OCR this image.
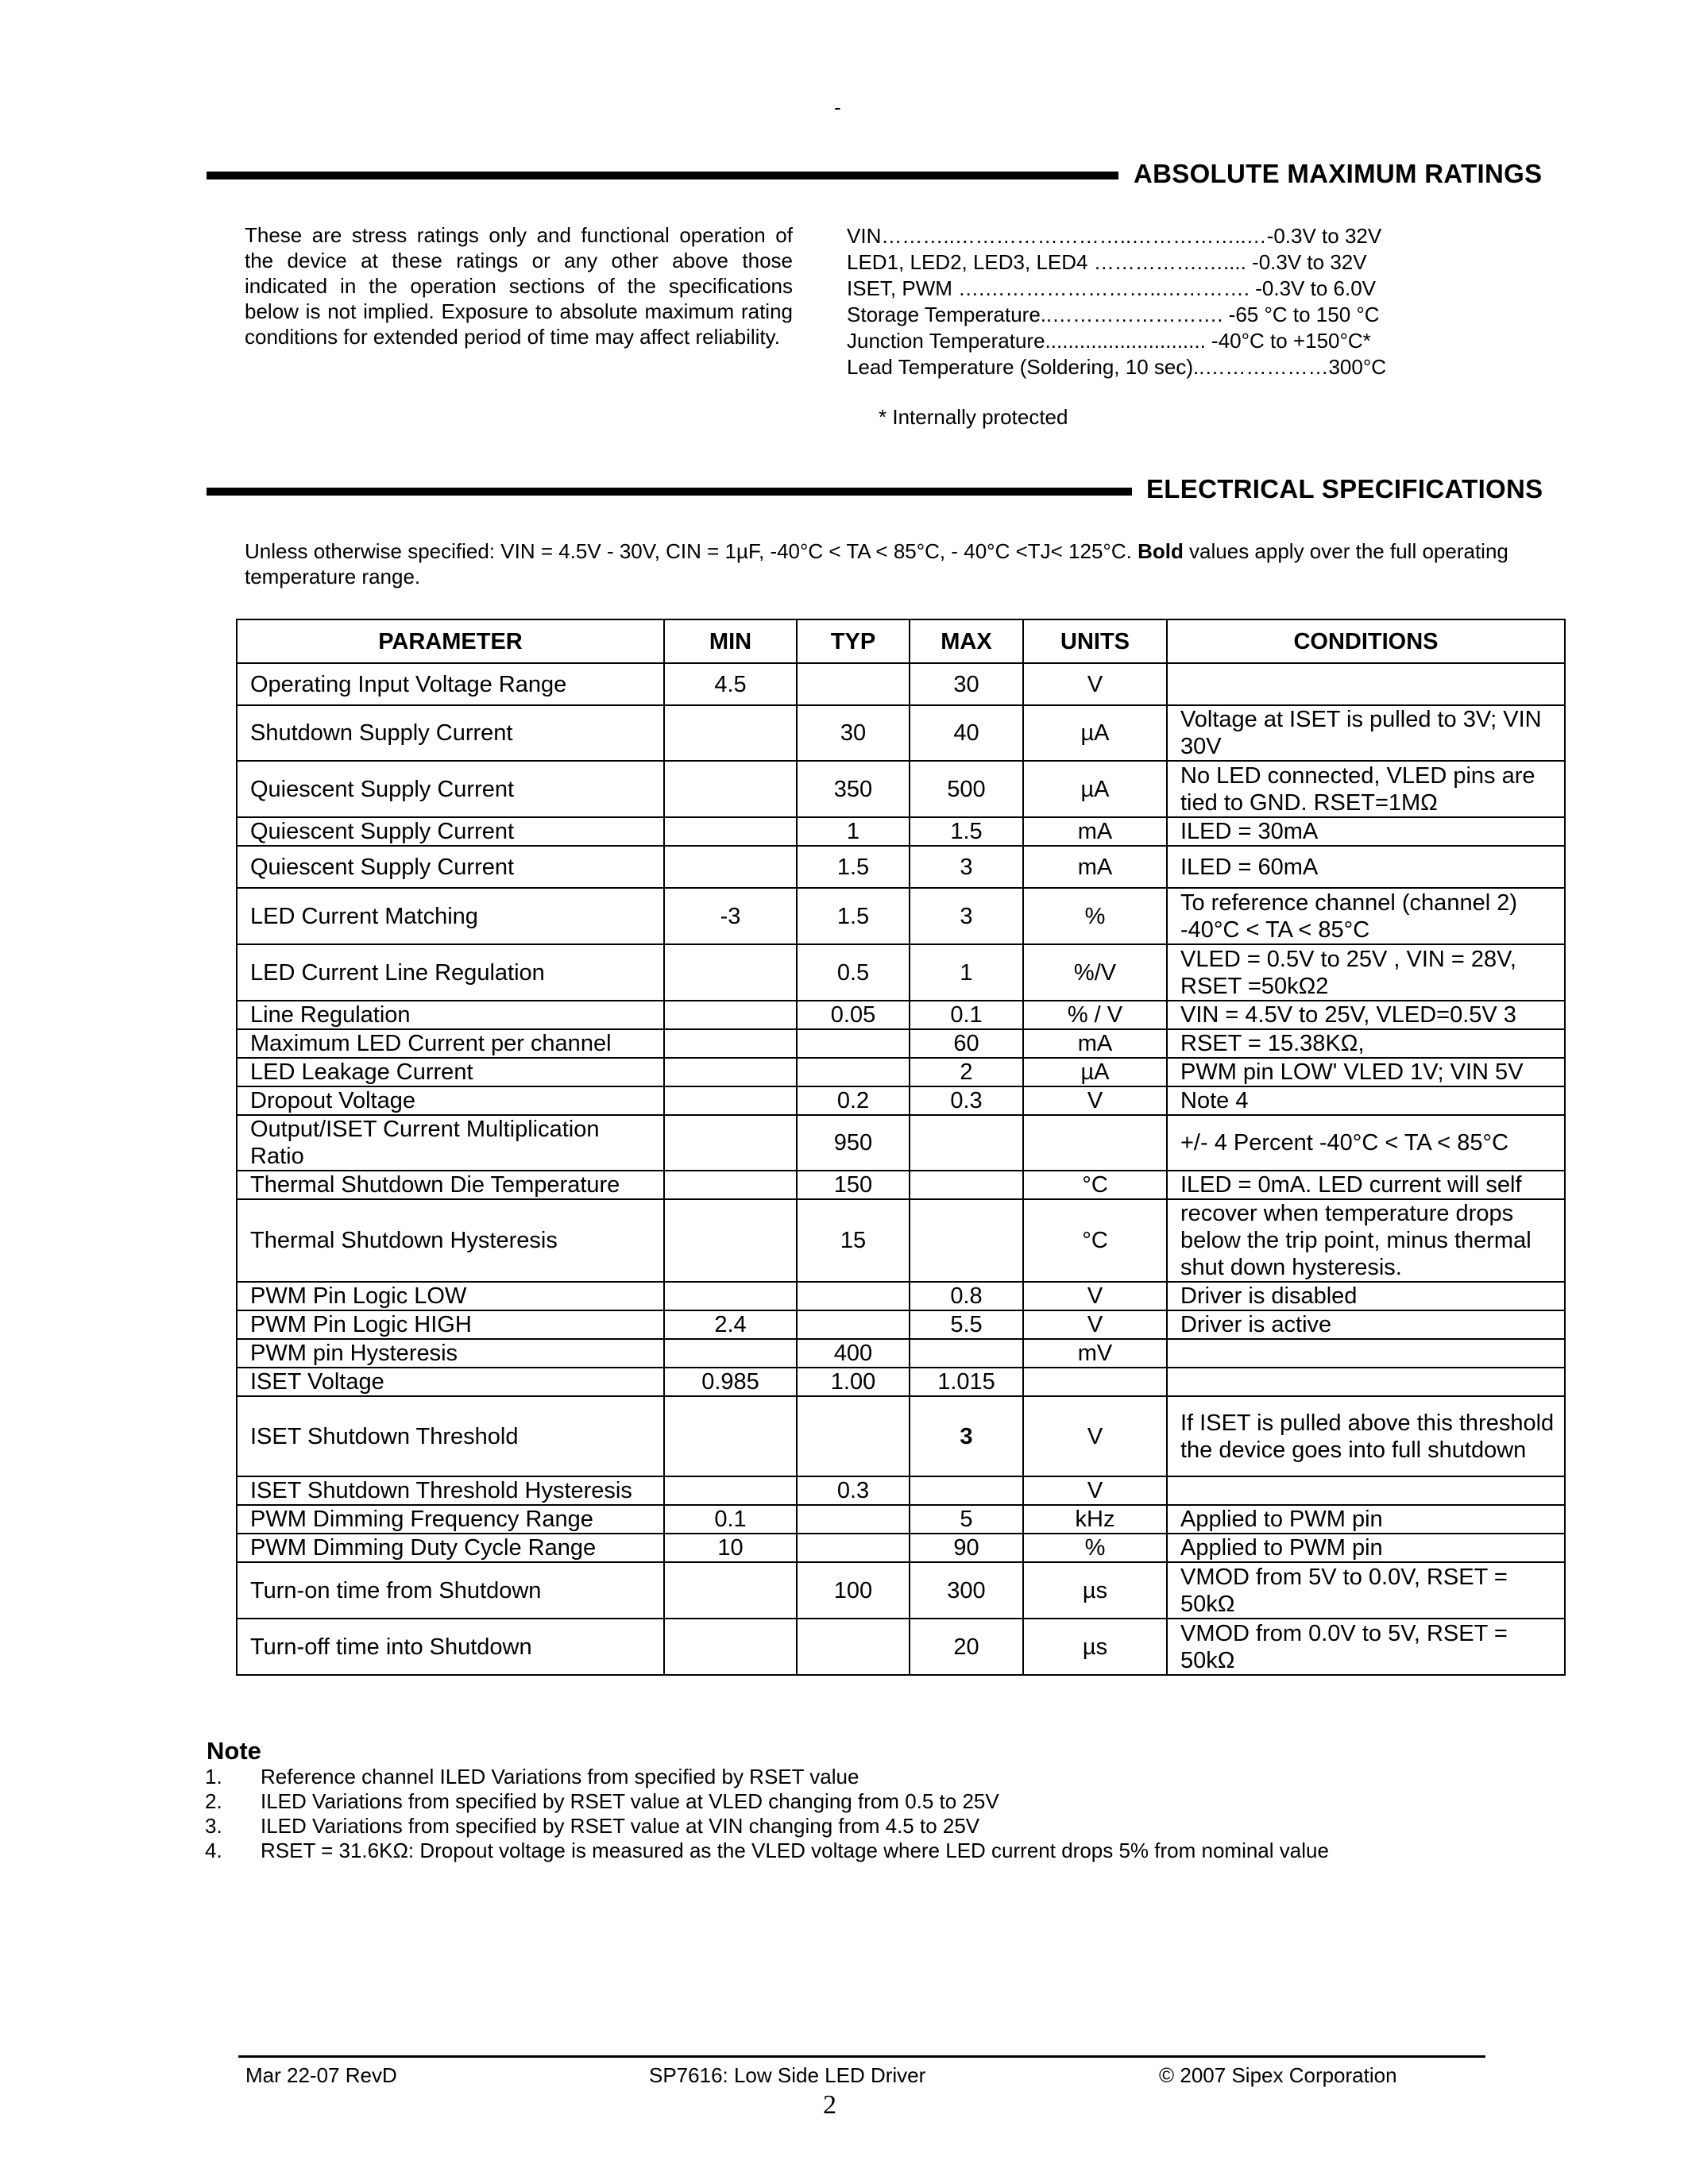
-
ABSOLUTE MAXIMUM RATINGS
These are stress ratings only and functional operation of the device at these ratings or any other above those indicated in the operation sections of the specifications below is not implied. Exposure to absolute maximum rating conditions for extended period of time may affect reliability.
VIN………..……………………..……………..…-0.3V to 32V
LED1, LED2, LED3, LED4 …………….….... -0.3V to 32V
ISET, PWM ….……………………..…………. -0.3V to 6.0V
Storage Temperature..……………………. -65 °C to 150 °C
Junction Temperature............................ -40°C to +150°C*
Lead Temperature (Soldering, 10 sec)..………………300°C
* Internally protected
ELECTRICAL SPECIFICATIONS
Unless otherwise specified: VIN = 4.5V - 30V, CIN = 1µF, -40°C < TA < 85°C, - 40°C <TJ< 125°C. Bold values apply over the full operating temperature range.
PARAMETER	MIN	TYP	MAX	UNITS	CONDITIONS
Operating Input Voltage Range	4.5		30	V	
Shutdown Supply Current		30	40	µA	Voltage at ISET is pulled to 3V; VIN 30V
Quiescent Supply Current		350	500	µA	No LED connected, VLED pins are tied to GND. RSET=1MΩ
Quiescent Supply Current		1	1.5	mA	ILED = 30mA
Quiescent Supply Current		1.5	3	mA	ILED = 60mA
LED Current Matching	-3	1.5	3	%	To reference channel (channel 2) -40°C < TA < 85°C
LED Current Line Regulation		0.5	1	%/V	VLED = 0.5V to 25V , VIN = 28V, RSET =50kΩ2
Line Regulation		0.05	0.1	% / V	VIN = 4.5V to 25V, VLED=0.5V 3
Maximum LED Current per channel			60	mA	RSET = 15.38KΩ,
LED Leakage Current			2	µA	PWM pin LOW' VLED 1V; VIN 5V
Dropout Voltage		0.2	0.3	V	Note 4
Output/ISET Current Multiplication Ratio		950			+/- 4 Percent -40°C < TA < 85°C
Thermal Shutdown Die Temperature		150		°C	ILED = 0mA. LED current will self
Thermal Shutdown Hysteresis		15		°C	recover when temperature drops below the trip point, minus thermal shut down hysteresis.
PWM Pin Logic LOW			0.8	V	Driver is disabled
PWM Pin Logic HIGH	2.4		5.5	V	Driver is active
PWM pin Hysteresis		400		mV	
ISET Voltage	0.985	1.00	1.015		
ISET Shutdown Threshold			3	V	If ISET is pulled above this threshold the device goes into full shutdown
ISET Shutdown Threshold Hysteresis		0.3		V	
PWM Dimming Frequency Range	0.1		5	kHz	Applied to PWM pin
PWM Dimming Duty Cycle Range	10		90	%	Applied to PWM pin
Turn-on time from Shutdown		100	300	µs	VMOD from 5V to 0.0V, RSET = 50kΩ
Turn-off time into Shutdown			20	µs	VMOD from 0.0V to 5V, RSET = 50kΩ
Note
1. Reference channel ILED Variations from specified by RSET value
2. ILED Variations from specified by RSET value at VLED changing from 0.5 to 25V
3. ILED Variations from specified by RSET value at VIN changing from 4.5 to 25V
4. RSET = 31.6KΩ: Dropout voltage is measured as the VLED voltage where LED current drops 5% from nominal value
Mar 22-07 RevD	SP7616: Low Side LED Driver	© 2007 Sipex Corporation
2
